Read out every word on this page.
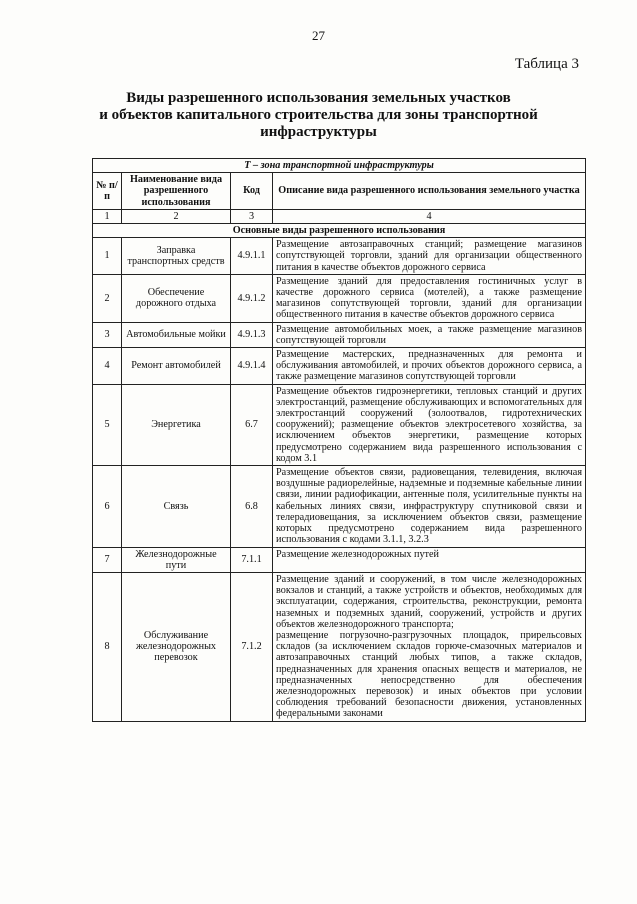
27
Таблица 3
Виды разрешенного использования земельных участков
и объектов капитального строительства для зоны транспортной
инфраструктуры
Т – зона транспортной инфраструктуры			
№ п/п	Наименование вида разрешенного использования	Код	Описание вида разрешенного использования земельного участка
1	2	3	4
Основные виды разрешенного использования			
1	Заправка транспортных средств	4.9.1.1	Размещение автозаправочных станций; размещение магазинов сопутствующей торговли, зданий для организации общественного питания в качестве объектов дорожного сервиса
2	Обеспечение дорожного отдыха	4.9.1.2	Размещение зданий для предоставления гостиничных услуг в качестве дорожного сервиса (мотелей), а также размещение магазинов сопутствующей торговли, зданий для организации общественного питания в качестве объектов дорожного сервиса
3	Автомобильные мойки	4.9.1.3	Размещение автомобильных моек, а также размещение магазинов сопутствующей торговли
4	Ремонт автомобилей	4.9.1.4	Размещение мастерских, предназначенных для ремонта и обслуживания автомобилей, и прочих объектов дорожного сервиса, а также размещение магазинов сопутствующей торговли
5	Энергетика	6.7	Размещение объектов гидроэнергетики, тепловых станций и других электростанций, размещение обслуживающих и вспомогательных для электростанций сооружений (золоотвалов, гидротехнических сооружений); размещение объектов электросетевого хозяйства, за исключением объектов энергетики, размещение которых предусмотрено содержанием вида разрешенного использования с кодом 3.1
6	Связь	6.8	Размещение объектов связи, радиовещания, телевидения, включая воздушные радиорелейные, надземные и подземные кабельные линии связи, линии радиофикации, антенные поля, усилительные пункты на кабельных линиях связи, инфраструктуру спутниковой связи и телерадиовещания, за исключением объектов связи, размещение которых предусмотрено содержанием вида разрешенного использования с кодами 3.1.1, 3.2.3
7	Железнодорожные пути	7.1.1	Размещение железнодорожных путей
8	Обслуживание железнодорожных перевозок	7.1.2	Размещение зданий и сооружений, в том числе железнодорожных вокзалов и станций, а также устройств и объектов, необходимых для эксплуатации, содержания, строительства, реконструкции, ремонта наземных и подземных зданий, сооружений, устройств и других объектов железнодорожного транспорта;
размещение погрузочно-разгрузочных площадок, прирельсовых складов (за исключением складов горюче-смазочных материалов и автозаправочных станций любых типов, а также складов, предназначенных для хранения опасных веществ и материалов, не предназначенных непосредственно для обеспечения железнодорожных перевозок) и иных объектов при условии соблюдения требований безопасности движения, установленных федеральными законами
